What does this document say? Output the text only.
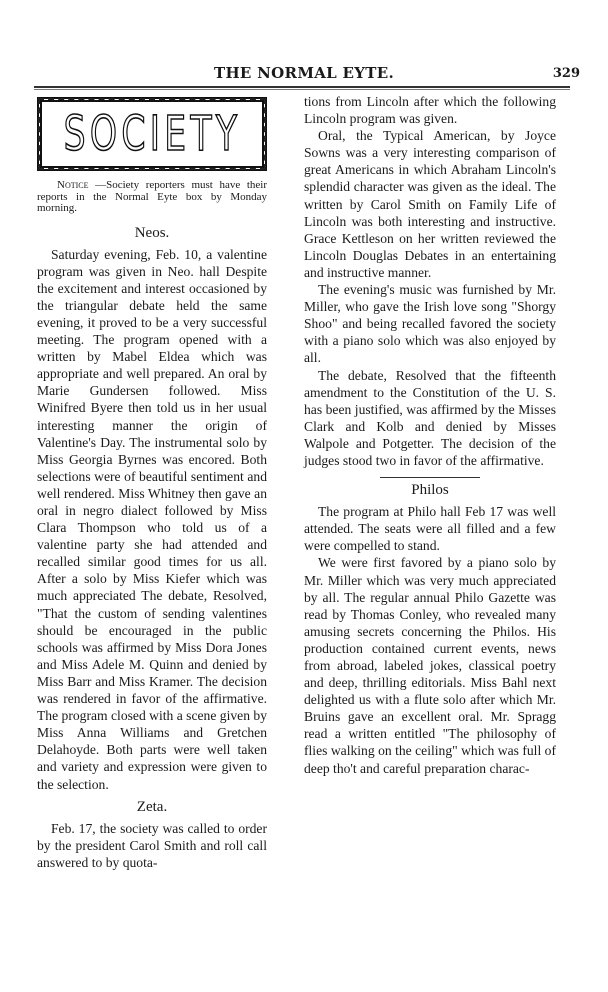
THE NORMAL EYTE.	329
SOCIETY

Notice —Society reporters must have their reports in the Normal Eyte box by Monday morning.

Neos.

Saturday evening, Feb. 10, a valentine program was given in Neo. hall Despite the excitement and interest occasioned by the triangular debate held the same evening, it proved to be a very successful meeting. The program opened with a written by Mabel Eldea which was appropriate and well prepared. An oral by Marie Gundersen followed. Miss Winifred Byere then told us in her usual interesting manner the origin of Valentine's Day. The instrumental solo by Miss Georgia Byrnes was encored. Both selections were of beautiful sentiment and well rendered. Miss Whitney then gave an oral in negro dialect followed by Miss Clara Thompson who told us of a valentine party she had attended and recalled similar good times for us all. After a solo by Miss Kiefer which was much appreciated The debate, Resolved, "That the custom of sending valentines should be encouraged in the public schools was affirmed by Miss Dora Jones and Miss Adele M. Quinn and denied by Miss Barr and Miss Kramer. The decision was rendered in favor of the affirmative. The program closed with a scene given by Miss Anna Williams and Gretchen Delahoyde. Both parts were well taken and variety and expression were given to the selection.

Zeta.

Feb. 17, the society was called to order by the president Carol Smith and roll call answered to by quota-

tions from Lincoln after which the following Lincoln program was given.

Oral, the Typical American, by Joyce Sowns was a very interesting comparison of great Americans in which Abraham Lincoln's splendid character was given as the ideal. The written by Carol Smith on Family Life of Lincoln was both interesting and instructive. Grace Kettleson on her written reviewed the Lincoln Douglas Debates in an entertaining and instructive manner.

The evening's music was furnished by Mr. Miller, who gave the Irish love song "Shorgy Shoo" and being recalled favored the society with a piano solo which was also enjoyed by all.

The debate, Resolved that the fifteenth amendment to the Constitution of the U. S. has been justified, was affirmed by the Misses Clark and Kolb and denied by Misses Walpole and Potgetter. The decision of the judges stood two in favor of the affirmative.

Philos

The program at Philo hall Feb 17 was well attended. The seats were all filled and a few were compelled to stand.

We were first favored by a piano solo by Mr. Miller which was very much appreciated by all. The regular annual Philo Gazette was read by Thomas Conley, who revealed many amusing secrets concerning the Philos. His production contained current events, news from abroad, labeled jokes, classical poetry and deep, thrilling editorials. Miss Bahl next delighted us with a flute solo after which Mr. Bruins gave an excellent oral. Mr. Spragg read a written entitled "The philosophy of flies walking on the ceiling" which was full of deep tho't and careful preparation charac-
